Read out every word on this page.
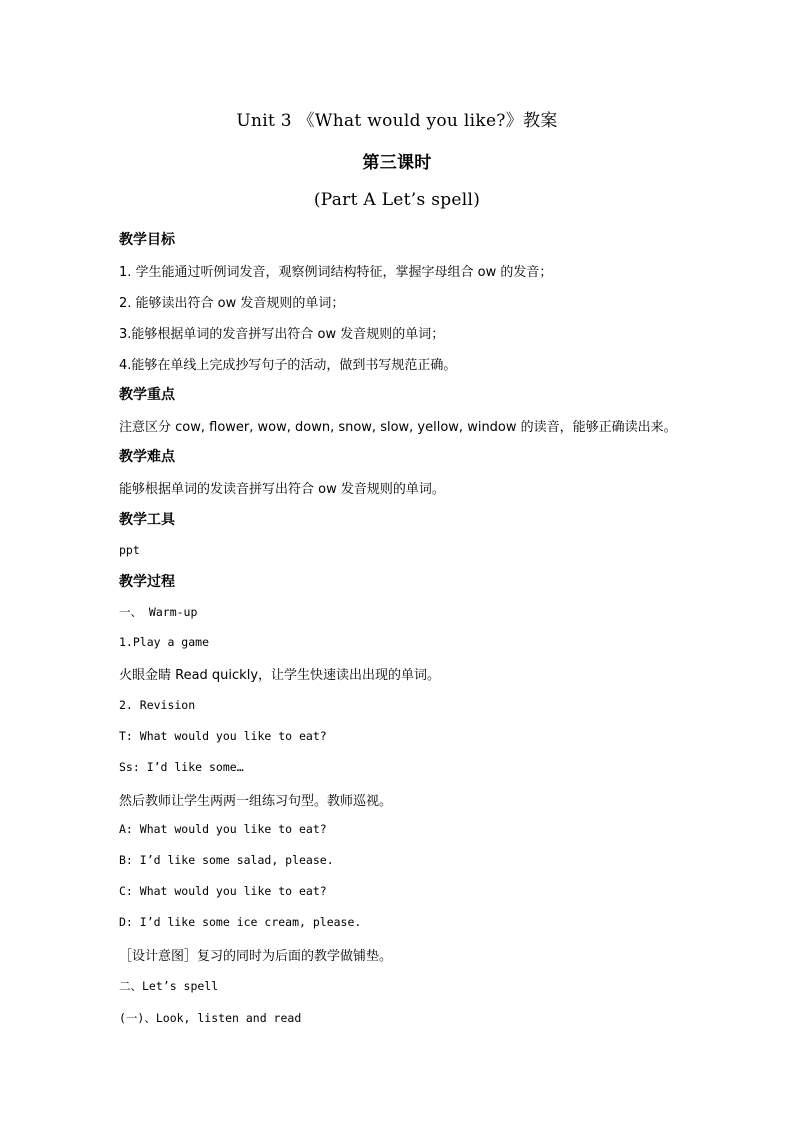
Unit 3 《What would you like?》教案
第三课时
(Part A Let’s spell)
教学目标
1. 学生能通过听例词发音，观察例词结构特征，掌握字母组合 ow 的发音；
2. 能够读出符合 ow 发音规则的单词；
3.能够根据单词的发音拼写出符合 ow 发音规则的单词；
4.能够在单线上完成抄写句子的活动，做到书写规范正确。
教学重点
注意区分 cow, flower, wow, down, snow, slow, yellow, window 的读音，能够正确读出来。
教学难点
能够根据单词的发读音拼写出符合 ow 发音规则的单词。
教学工具
ppt
教学过程
一、 Warm-up
1.Play a game
火眼金睛 Read quickly，让学生快速读出出现的单词。
2. Revision
T: What would you like to eat?
Ss: I’d like some…
然后教师让学生两两一组练习句型。教师巡视。
A: What would you like to eat?
B: I’d like some salad, please.
C: What would you like to eat?
D: I’d like some ice cream, please.
［设计意图］复习的同时为后面的教学做铺垫。
二、Let’s spell
(一)、Look, listen and read
